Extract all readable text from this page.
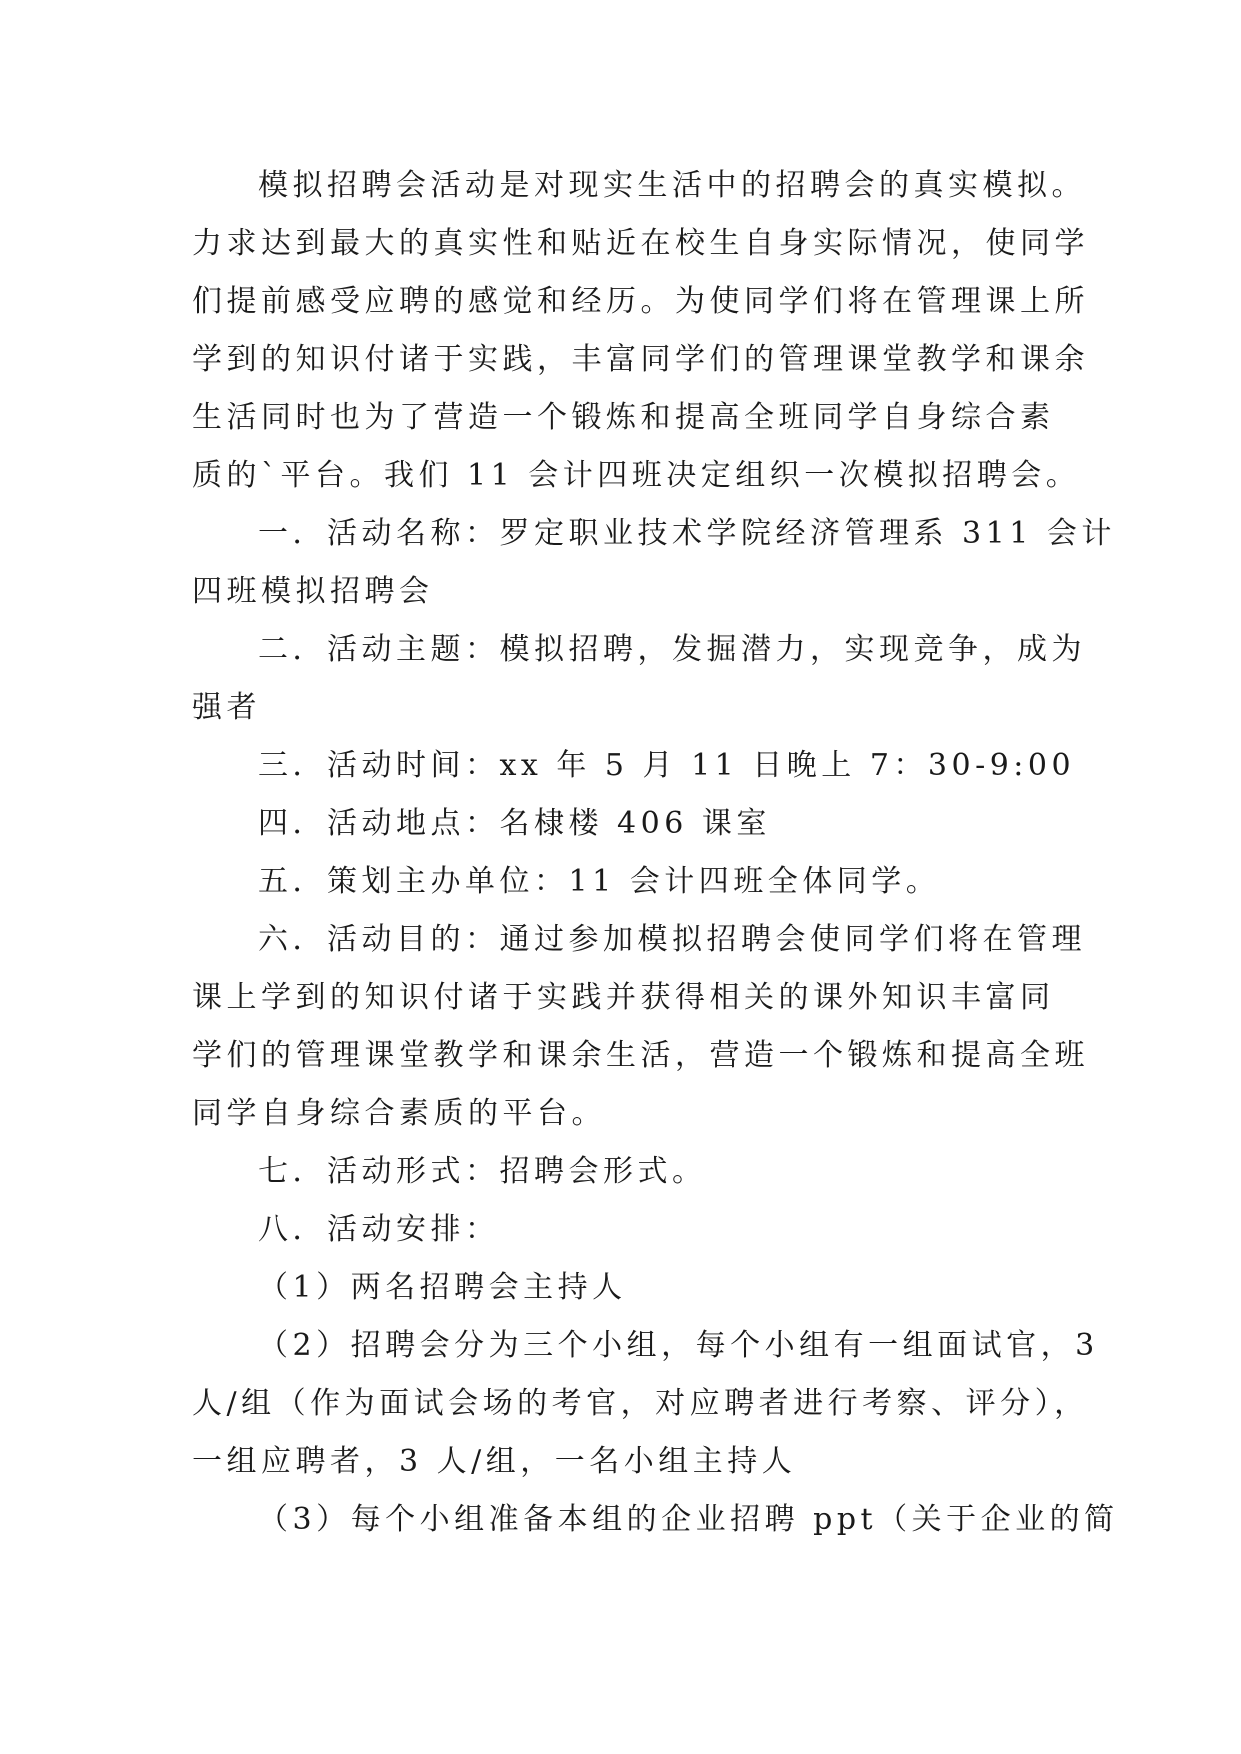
模拟招聘会活动是对现实生活中的招聘会的真实模拟。
力求达到最大的真实性和贴近在校生自身实际情况，使同学
们提前感受应聘的感觉和经历。为使同学们将在管理课上所
学到的知识付诸于实践，丰富同学们的管理课堂教学和课余
生活同时也为了营造一个锻炼和提高全班同学自身综合素
质的`平台。我们 11 会计四班决定组织一次模拟招聘会。
一．活动名称：罗定职业技术学院经济管理系 311 会计
四班模拟招聘会
二．活动主题：模拟招聘，发掘潜力，实现竞争，成为
强者
三．活动时间：xx 年 5 月 11 日晚上 7：30-9:00
四．活动地点：名棣楼 406 课室
五．策划主办单位：11 会计四班全体同学。
六．活动目的：通过参加模拟招聘会使同学们将在管理
课上学到的知识付诸于实践并获得相关的课外知识丰富同
学们的管理课堂教学和课余生活，营造一个锻炼和提高全班
同学自身综合素质的平台。
七．活动形式：招聘会形式。
八．活动安排：
（1）两名招聘会主持人
（2）招聘会分为三个小组，每个小组有一组面试官，3
人/组（作为面试会场的考官，对应聘者进行考察、评分），
一组应聘者，3 人/组，一名小组主持人
（3）每个小组准备本组的企业招聘 ppt（关于企业的简
